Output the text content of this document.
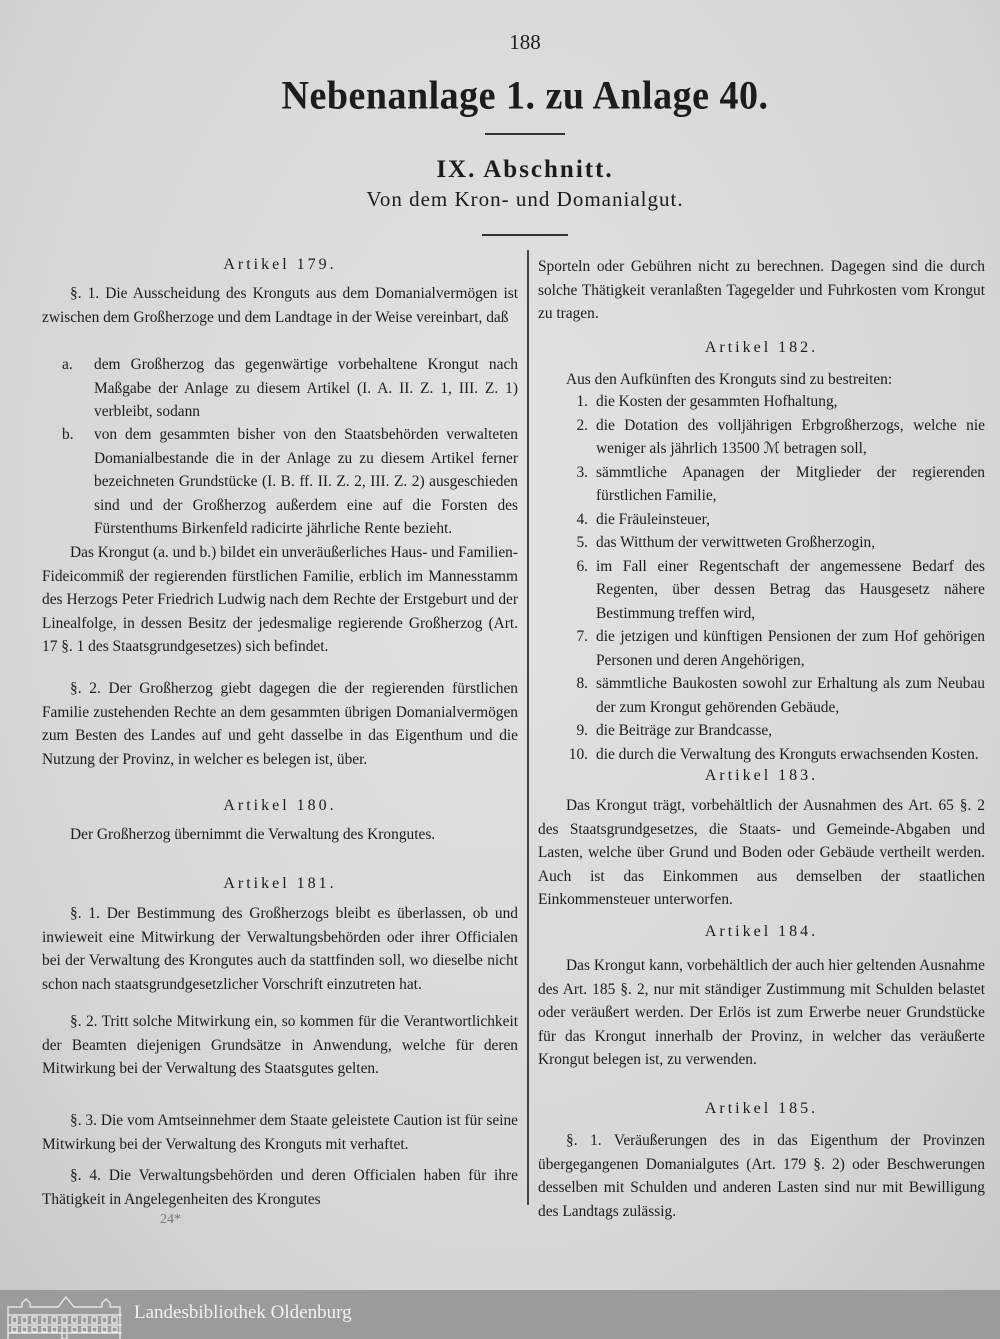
188
Nebenanlage 1. zu Anlage 40.
IX. Abschnitt.
Von dem Kron- und Domanialgut.
Artikel 179.
§. 1. Die Ausscheidung des Kronguts aus dem Domanialvermögen ist zwischen dem Großherzoge und dem Landtage in der Weise vereinbart, daß
a.	dem Großherzog das gegenwärtige vorbehaltene Krongut nach Maßgabe der Anlage zu diesem Artikel (I. A. II. Z. 1, III. Z. 1) verbleibt, sodann
b.	von dem gesammten bisher von den Staatsbehörden verwalteten Domanialbestande die in der Anlage zu zu diesem Artikel ferner bezeichneten Grundstücke (I. B. ff. II. Z. 2, III. Z. 2) ausgeschieden sind und der Großherzog außerdem eine auf die Forsten des Fürstenthums Birkenfeld radicirte jährliche Rente bezieht.
Das Krongut (a. und b.) bildet ein unveräußerliches Haus- und Familien-Fideicommiß der regierenden fürstlichen Familie, erblich im Mannesstamm des Herzogs Peter Friedrich Ludwig nach dem Rechte der Erstgeburt und der Linealfolge, in dessen Besitz der jedesmalige regierende Großherzog (Art. 17 §. 1 des Staatsgrundgesetzes) sich befindet.
§. 2. Der Großherzog giebt dagegen die der regierenden fürstlichen Familie zustehenden Rechte an dem gesammten übrigen Domanialvermögen zum Besten des Landes auf und geht dasselbe in das Eigenthum und die Nutzung der Provinz, in welcher es belegen ist, über.
Artikel 180.
Der Großherzog übernimmt die Verwaltung des Krongutes.
Artikel 181.
§. 1. Der Bestimmung des Großherzogs bleibt es überlassen, ob und inwieweit eine Mitwirkung der Verwaltungsbehörden oder ihrer Officialen bei der Verwaltung des Krongutes auch da stattfinden soll, wo dieselbe nicht schon nach staatsgrundgesetzlicher Vorschrift einzutreten hat.
§. 2. Tritt solche Mitwirkung ein, so kommen für die Verantwortlichkeit der Beamten diejenigen Grundsätze in Anwendung, welche für deren Mitwirkung bei der Verwaltung des Staatsgutes gelten.
§. 3. Die vom Amtseinnehmer dem Staate geleistete Caution ist für seine Mitwirkung bei der Verwaltung des Kronguts mit verhaftet.
§. 4. Die Verwaltungsbehörden und deren Officialen haben für ihre Thätigkeit in Angelegenheiten des Krongutes
Sporteln oder Gebühren nicht zu berechnen. Dagegen sind die durch solche Thätigkeit veranlaßten Tagegelder und Fuhrkosten vom Krongut zu tragen.
Artikel 182.
Aus den Aufkünften des Kronguts sind zu bestreiten:
1. die Kosten der gesammten Hofhaltung,
2. die Dotation des volljährigen Erbgroßherzogs, welche nie weniger als jährlich 13500 ℳ betragen soll,
3. sämmtliche Apanagen der Mitglieder der regierenden fürstlichen Familie,
4. die Fräuleinsteuer,
5. das Witthum der verwittweten Großherzogin,
6. im Fall einer Regentschaft der angemessene Bedarf des Regenten, über dessen Betrag das Hausgesetz nähere Bestimmung treffen wird,
7. die jetzigen und künftigen Pensionen der zum Hof gehörigen Personen und deren Angehörigen,
8. sämmtliche Baukosten sowohl zur Erhaltung als zum Neubau der zum Krongut gehörenden Gebäude,
9. die Beiträge zur Brandcasse,
10. die durch die Verwaltung des Kronguts erwachsenden Kosten.
Artikel 183.
Das Krongut trägt, vorbehältlich der Ausnahmen des Art. 65 §. 2 des Staatsgrundgesetzes, die Staats- und Gemeinde-Abgaben und Lasten, welche über Grund und Boden oder Gebäude vertheilt werden. Auch ist das Einkommen aus demselben der staatlichen Einkommensteuer unterworfen.
Artikel 184.
Das Krongut kann, vorbehältlich der auch hier geltenden Ausnahme des Art. 185 §. 2, nur mit ständiger Zustimmung mit Schulden belastet oder veräußert werden. Der Erlös ist zum Erwerbe neuer Grundstücke für das Krongut innerhalb der Provinz, in welcher das veräußerte Krongut belegen ist, zu verwenden.
Artikel 185.
§. 1. Veräußerungen des in das Eigenthum der Provinzen übergegangenen Domanialgutes (Art. 179 §. 2) oder Beschwerungen desselben mit Schulden und anderen Lasten sind nur mit Bewilligung des Landtags zulässig.
24*
Landesbibliothek Oldenburg
